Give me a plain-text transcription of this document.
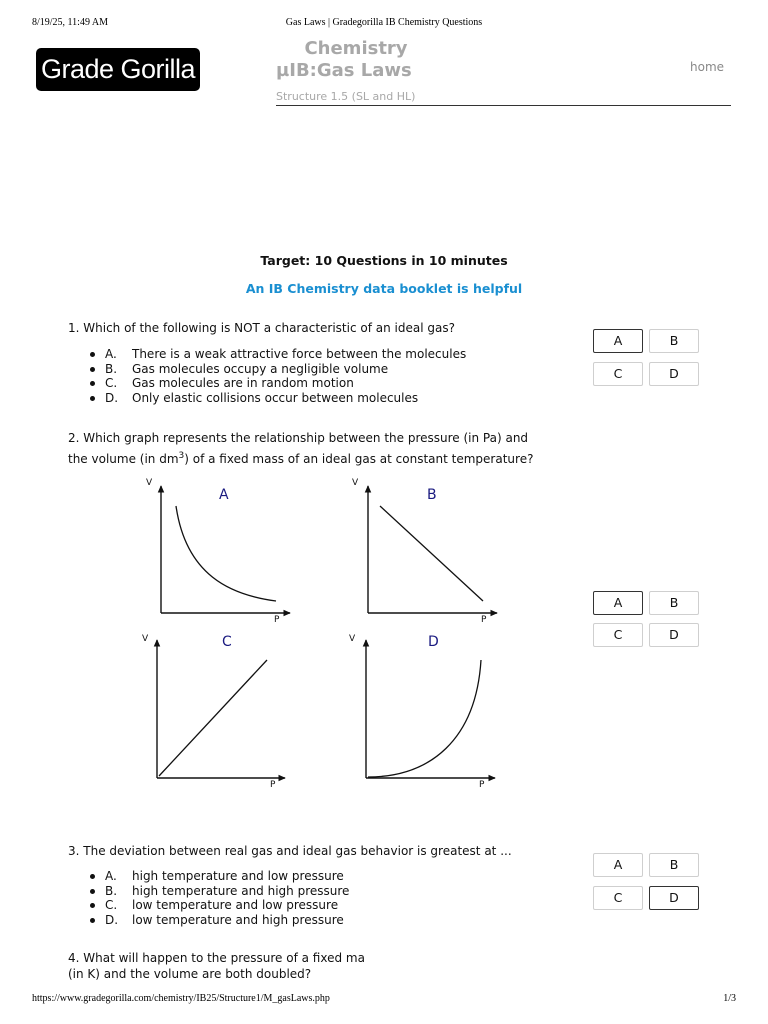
8/19/25, 11:49 AM	Gas Laws | Gradegorilla IB Chemistry Questions
Grade Gorilla
Chemistry
µIB:Gas Laws
Structure 1.5 (SL and HL)
home
Target: 10 Questions in 10 minutes
An IB Chemistry data booklet is helpful
1. Which of the following is NOT a characteristic of an ideal gas?
A. There is a weak attractive force between the molecules
B. Gas molecules occupy a negligible volume
C. Gas molecules are in random motion
D. Only elastic collisions occur between molecules
A	B
C	D
2. Which graph represents the relationship between the pressure (in Pa) and
the volume (in $dm^3$) of a fixed mass of an ideal gas at constant temperature?
A
V
P
B
V
P
C
V
P
D
V
P
A	B
C	D
3. The deviation between real gas and ideal gas behavior is greatest at ...
A. high temperature and low pressure
B. high temperature and high pressure
C. low temperature and low pressure
D. low temperature and high pressure
A	B
C	D
4. What will happen to the pressure of a fixed ma
(in K) and the volume are both doubled?
https://www.gradegorilla.com/chemistry/IB25/Structure1/M_gasLaws.php	1/3
